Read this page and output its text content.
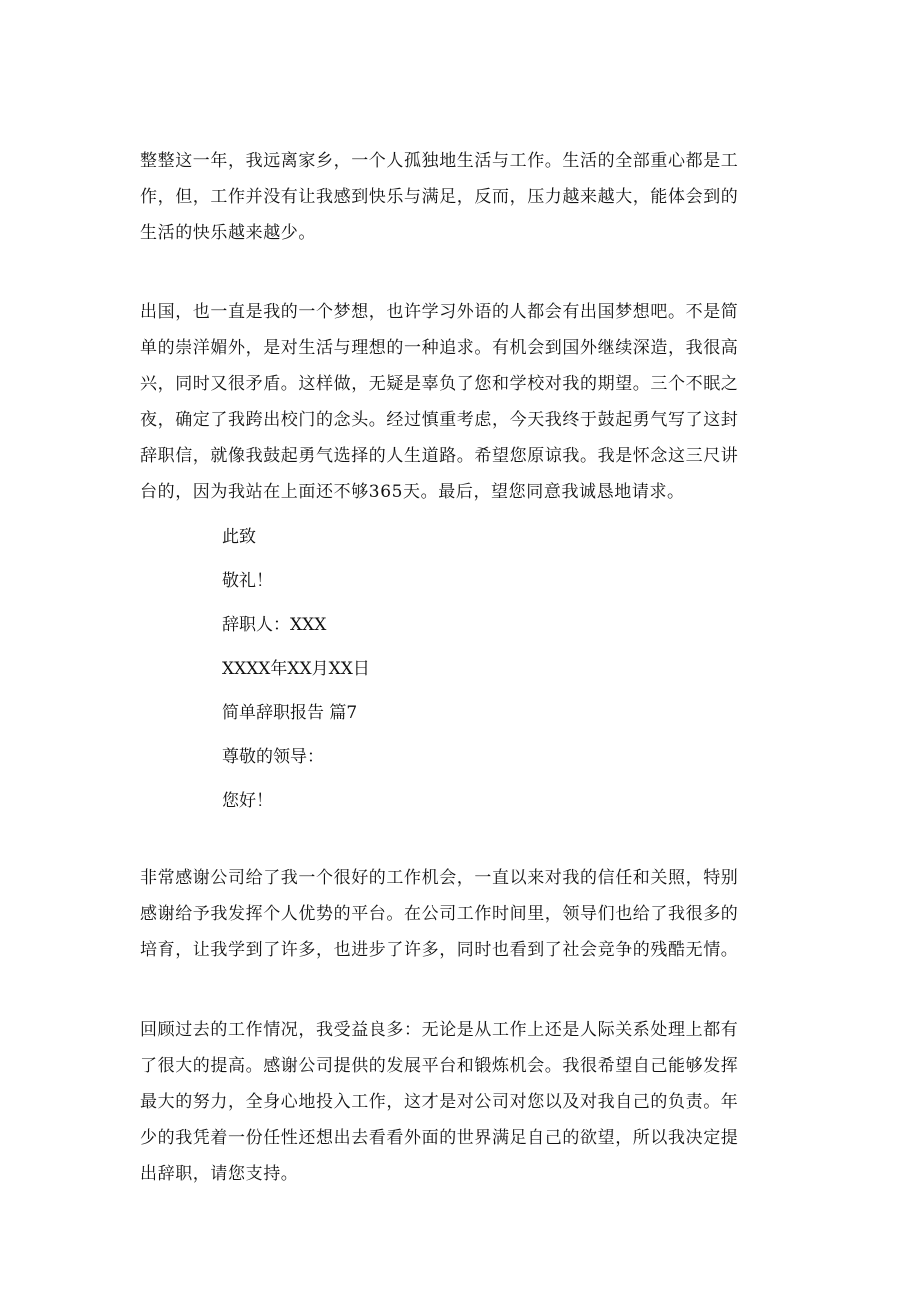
整整这一年，我远离家乡，一个人孤独地生活与工作。生活的全部重心都是工
作，但，工作并没有让我感到快乐与满足，反而，压力越来越大，能体会到的
生活的快乐越来越少。

出国，也一直是我的一个梦想，也许学习外语的人都会有出国梦想吧。不是简
单的崇洋媚外，是对生活与理想的一种追求。有机会到国外继续深造，我很高
兴，同时又很矛盾。这样做，无疑是辜负了您和学校对我的期望。三个不眠之
夜，确定了我跨出校门的念头。经过慎重考虑，今天我终于鼓起勇气写了这封
辞职信，就像我鼓起勇气选择的人生道路。希望您原谅我。我是怀念这三尺讲
台的，因为我站在上面还不够365天。最后，望您同意我诚恳地请求。

此致

敬礼！

辞职人：XXX

XXXX年XX月XX日

简单辞职报告 篇7

尊敬的领导：

您好！

非常感谢公司给了我一个很好的工作机会，一直以来对我的信任和关照，特别
感谢给予我发挥个人优势的平台。在公司工作时间里，领导们也给了我很多的
培育，让我学到了许多，也进步了许多，同时也看到了社会竞争的残酷无情。

回顾过去的工作情况，我受益良多：无论是从工作上还是人际关系处理上都有
了很大的提高。感谢公司提供的发展平台和锻炼机会。我很希望自己能够发挥
最大的努力，全身心地投入工作，这才是对公司对您以及对我自己的负责。年
少的我凭着一份任性还想出去看看外面的世界满足自己的欲望，所以我决定提
出辞职，请您支持。
